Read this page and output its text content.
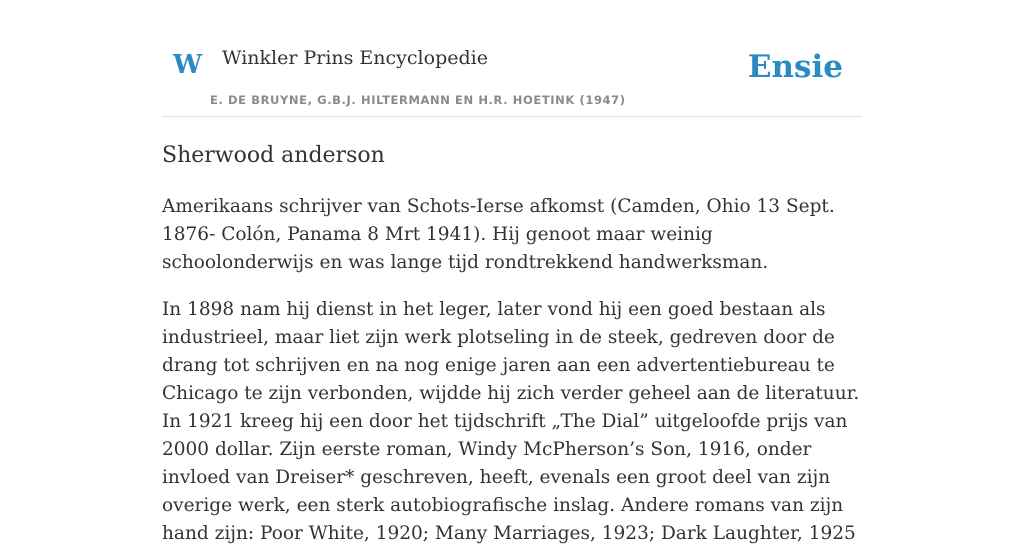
W Winkler Prins Encyclopedie
E. DE BRUYNE, G.B.J. HILTERMANN EN H.R. HOETINK (1947)
Ensie
Sherwood anderson

Amerikaans schrijver van Schots-Ierse afkomst (Camden, Ohio 13 Sept. 1876- Colón, Panama 8 Mrt 1941). Hij genoot maar weinig schoolonderwijs en was lange tijd rondtrekkend handwerksman.

In 1898 nam hij dienst in het leger, later vond hij een goed bestaan als industrieel, maar liet zijn werk plotseling in de steek, gedreven door de drang tot schrijven en na nog enige jaren aan een advertentiebureau te Chicago te zijn verbonden, wijdde hij zich verder geheel aan de literatuur. In 1921 kreeg hij een door het tijdschrift „The Dial” uitgeloofde prijs van 2000 dollar. Zijn eerste roman, Windy McPherson’s Son, 1916, onder invloed van Dreiser* geschreven, heeft, evenals een groot deel van zijn overige werk, een sterk autobiografische inslag. Andere romans van zijn hand zijn: Poor White, 1920; Many Marriages, 1923; Dark Laughter, 1925
